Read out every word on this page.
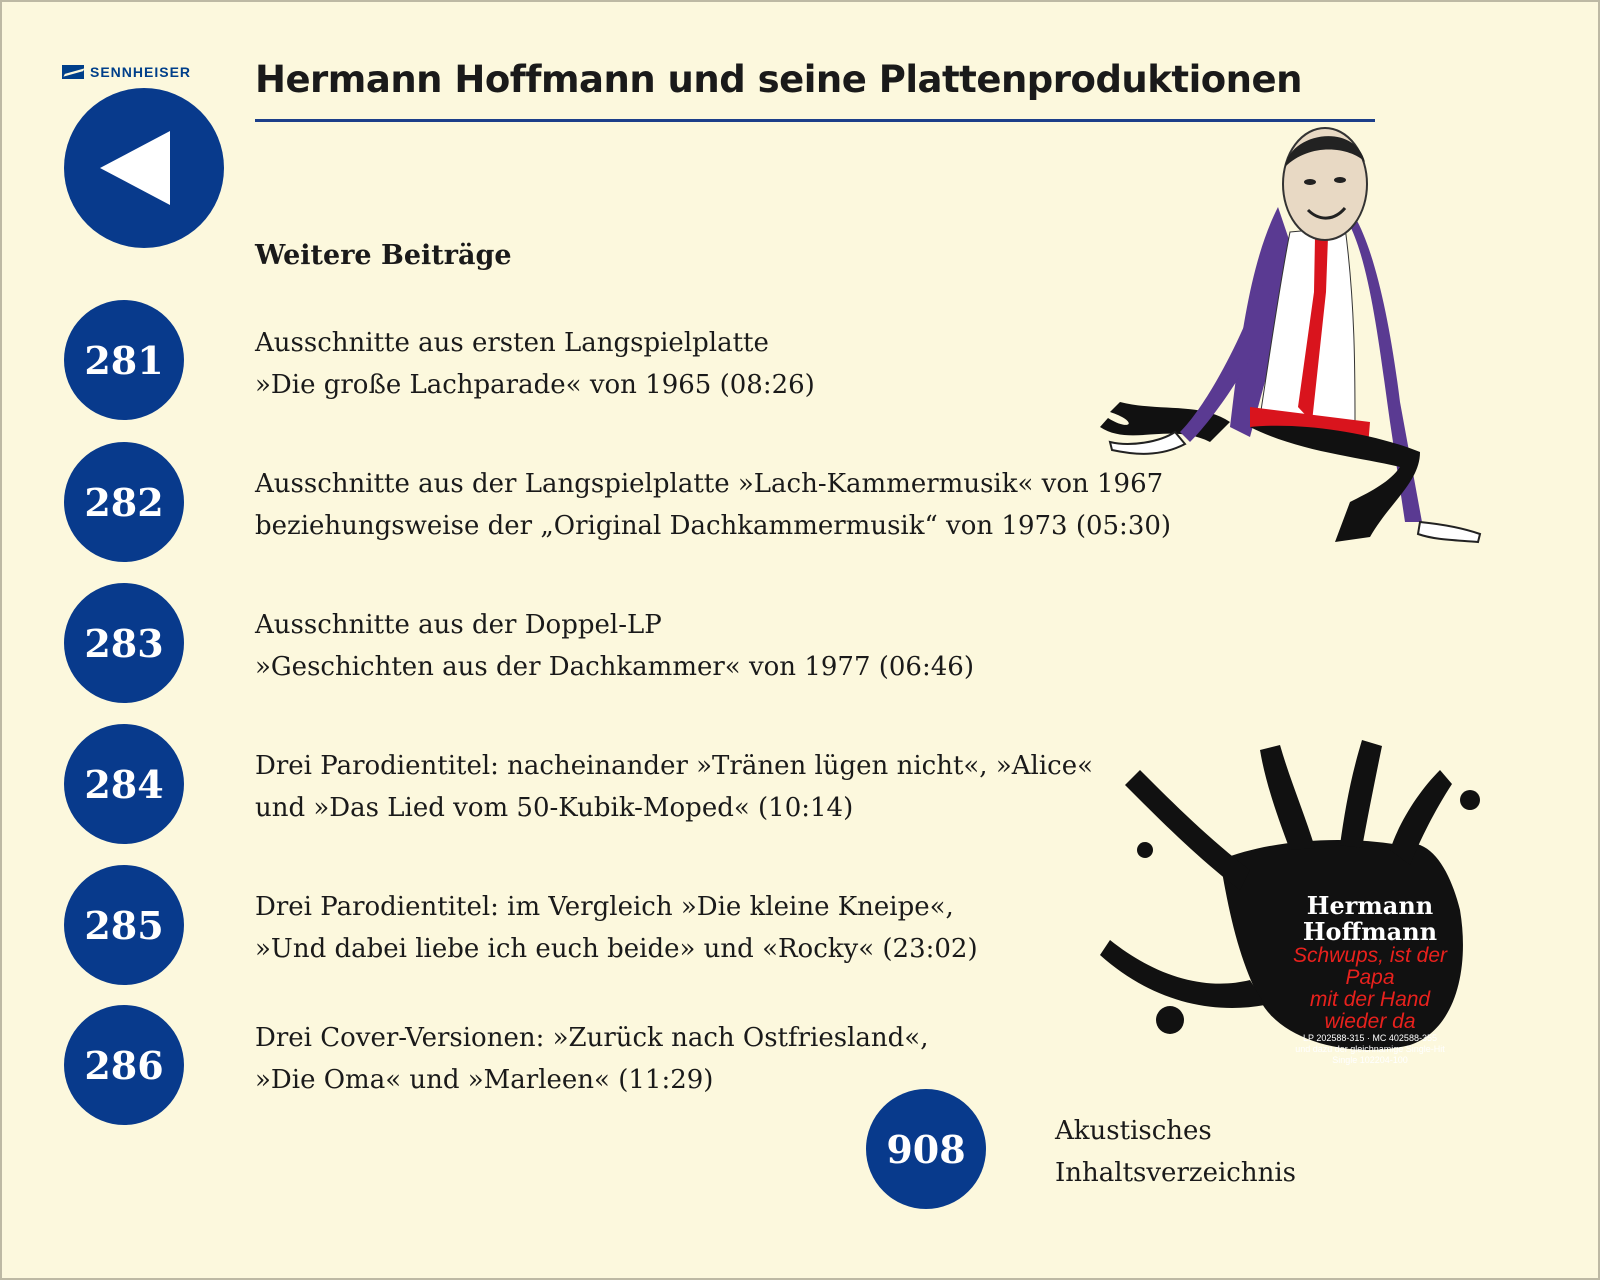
SENNHEISER Hermann Hoffmann und seine Plattenproduktionen
Weitere Beiträge
281	Ausschnitte aus ersten Langspielplatte
»Die große Lachparade« von 1965 (08:26)
282	Ausschnitte aus der Langspielplatte »Lach-Kammermusik« von 1967
beziehungsweise der „Original Dachkammermusik“ von 1973 (05:30)
283	Ausschnitte aus der Doppel-LP
»Geschichten aus der Dachkammer« von 1977 (06:46)
284	Drei Parodientitel: nacheinander »Tränen lügen nicht«, »Alice«
und »Das Lied vom 50-Kubik-Moped« (10:14)
285	Drei Parodientitel: im Vergleich »Die kleine Kneipe«,
»Und dabei liebe ich euch beide» und «Rocky« (23:02)
286
Drei Cover-Versionen: »Zurück nach Ostfriesland«,
»Die Oma« und »Marleen« (11:29)
908	Akustisches
Inhaltsverzeichnis
Hermann
Hoffmann
Schwups, ist der Papa
mit der Hand
wieder da
LP 202588-315 · MC 402588-355
und dazu der gleichnamige Single-Hit
Single 102204-100
